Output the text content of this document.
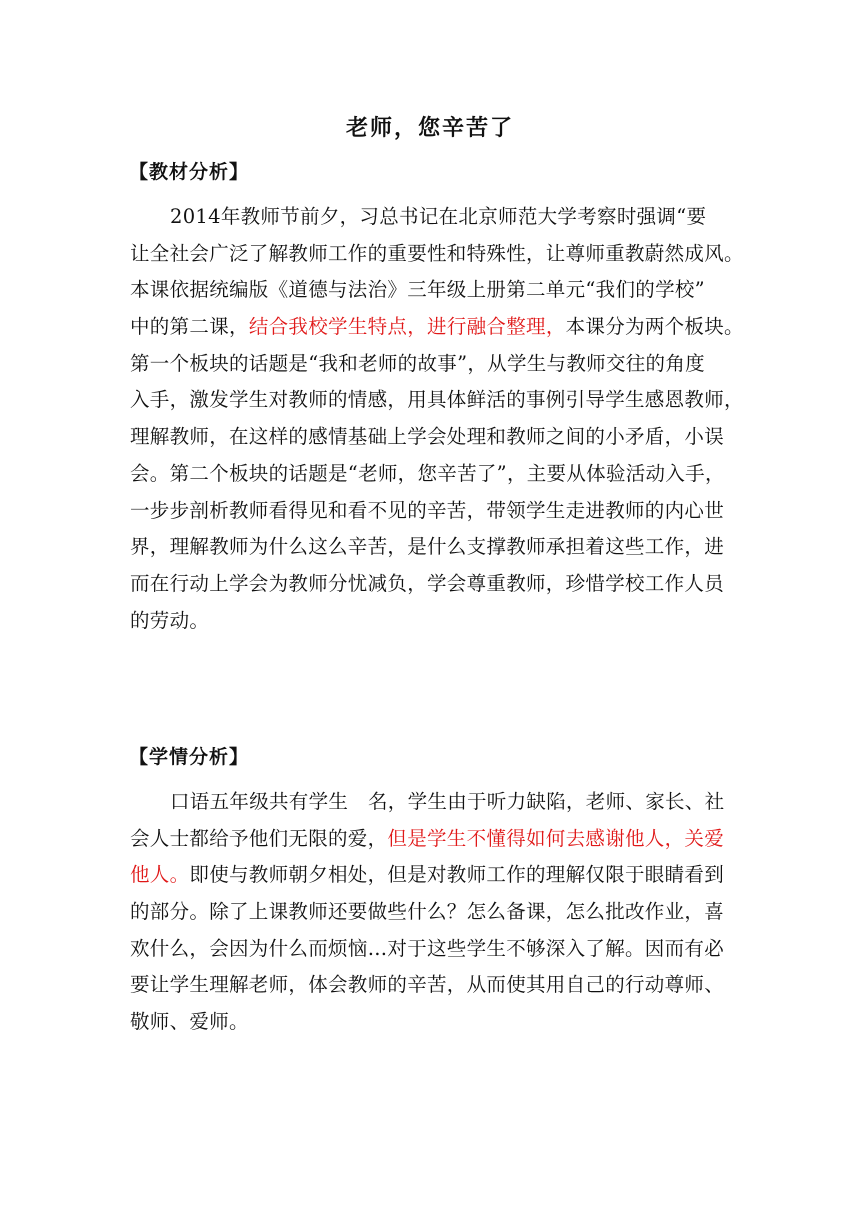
老师，您辛苦了
【教材分析】
2014年教师节前夕，习总书记在北京师范大学考察时强调“要
让全社会广泛了解教师工作的重要性和特殊性，让尊师重教蔚然成风。
本课依据统编版《道德与法治》三年级上册第二单元“我们的学校”
中的第二课，结合我校学生特点，进行融合整理，本课分为两个板块。
第一个板块的话题是“我和老师的故事”，从学生与教师交往的角度
入手，激发学生对教师的情感，用具体鲜活的事例引导学生感恩教师，
理解教师，在这样的感情基础上学会处理和教师之间的小矛盾，小误
会。第二个板块的话题是“老师，您辛苦了”，主要从体验活动入手，
一步步剖析教师看得见和看不见的辛苦，带领学生走进教师的内心世
界，理解教师为什么这么辛苦，是什么支撑教师承担着这些工作，进
而在行动上学会为教师分忧减负，学会尊重教师，珍惜学校工作人员
的劳动。
【学情分析】
口语五年级共有学生　名，学生由于听力缺陷，老师、家长、社
会人士都给予他们无限的爱，但是学生不懂得如何去感谢他人，关爱
他人。即使与教师朝夕相处，但是对教师工作的理解仅限于眼睛看到
的部分。除了上课教师还要做些什么？怎么备课，怎么批改作业，喜
欢什么，会因为什么而烦恼…对于这些学生不够深入了解。因而有必
要让学生理解老师，体会教师的辛苦，从而使其用自己的行动尊师、
敬师、爱师。
